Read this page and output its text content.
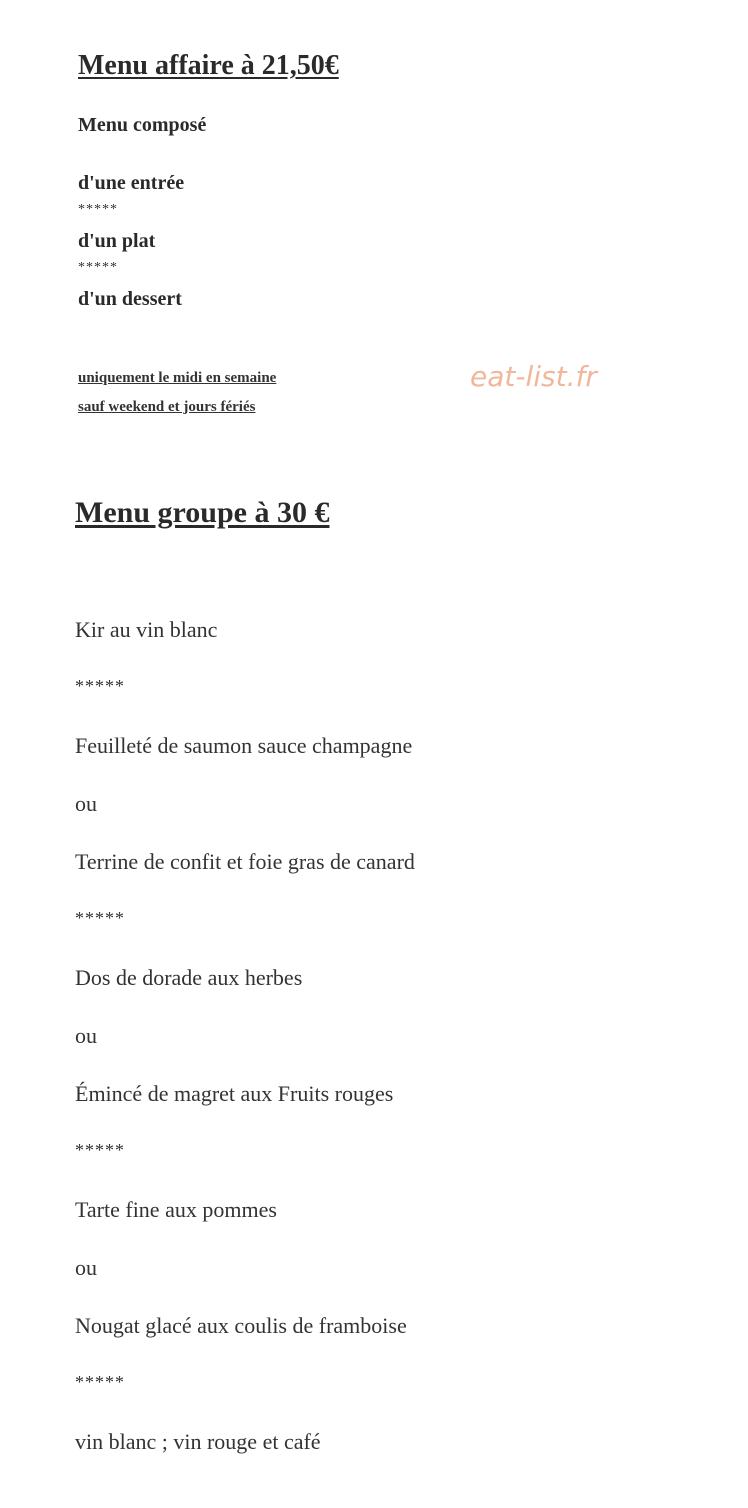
Menu affaire à 21,50€

Menu composé

d'une entrée

*****

d'un plat

*****

d'un dessert

uniquement le midi en semaine

sauf weekend et jours fériés

eat-list.fr
Menu groupe à 30 €

Kir au vin blanc

*****

Feuilleté de saumon sauce champagne

ou

Terrine de confit et foie gras de canard

*****

Dos de dorade aux herbes

ou

Émincé de magret aux Fruits rouges

*****

Tarte fine aux pommes

ou

Nougat glacé aux coulis de framboise

*****

vin blanc ; vin rouge et café
